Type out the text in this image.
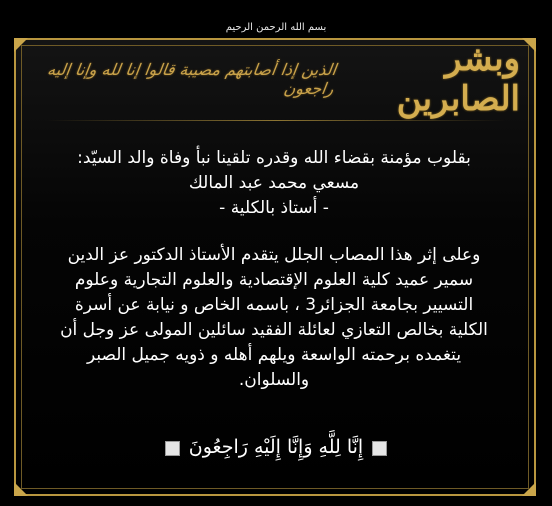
بسم الله الرحمن الرحيم
وبشر الصابرين
الذين إذا أصابتهم مصيبة قالوا إنا لله وإنا إليه راجعون

بقلوب مؤمنة بقضاء الله وقدره تلقينا نبأ وفاة والد السيّد:

مسعي محمد عبد المالك

- أستاذ بالكلية -

وعلى إثر هذا المصاب الجلل يتقدم الأستاذ الدكتور عز الدين

سمير عميد كلية العلوم الإقتصادية والعلوم التجارية وعلوم

التسيير بجامعة الجزائر3 ، باسمه الخاص و نيابة عن أسرة

الكلية بخالص التعازي لعائلة الفقيد سائلين المولى عز وجل أن

يتغمده برحمته الواسعة ويلهم أهله و ذويه جميل الصبر

والسلوان.

إِنَّا لِلَّهِ وَإِنَّا إِلَيْهِ رَاجِعُونَ
